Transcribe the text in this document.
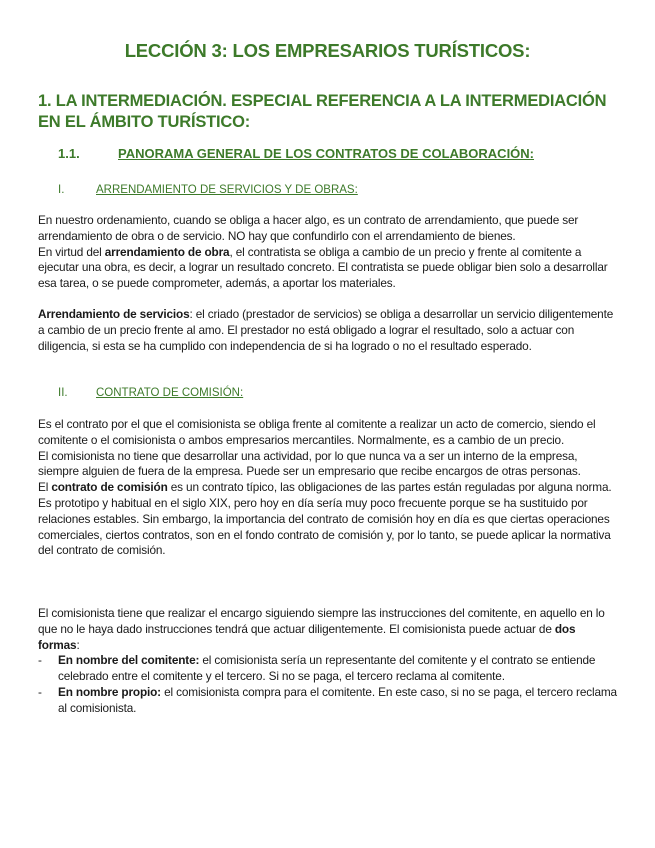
LECCIÓN 3: LOS EMPRESARIOS TURÍSTICOS:
1. LA INTERMEDIACIÓN. ESPECIAL REFERENCIA A LA INTERMEDIACIÓN EN EL ÁMBITO TURÍSTICO:
1.1.	PANORAMA GENERAL DE LOS CONTRATOS DE COLABORACIÓN:
I.	ARRENDAMIENTO DE SERVICIOS Y DE OBRAS:

En nuestro ordenamiento, cuando se obliga a hacer algo, es un contrato de arrendamiento, que puede ser arrendamiento de obra o de servicio. NO hay que confundirlo con el arrendamiento de bienes.

En virtud del arrendamiento de obra, el contratista se obliga a cambio de un precio y frente al comitente a ejecutar una obra, es decir, a lograr un resultado concreto. El contratista se puede obligar bien solo a desarrollar esa tarea, o se puede comprometer, además, a aportar los materiales.

Arrendamiento de servicios: el criado (prestador de servicios) se obliga a desarrollar un servicio diligentemente a cambio de un precio frente al amo. El prestador no está obligado a lograr el resultado, solo a actuar con diligencia, si esta se ha cumplido con independencia de si ha logrado o no el resultado esperado.

II. CONTRATO DE COMISIÓN:

Es el contrato por el que el comisionista se obliga frente al comitente a realizar un acto de comercio, siendo el comitente o el comisionista o ambos empresarios mercantiles. Normalmente, es a cambio de un precio.

El comisionista no tiene que desarrollar una actividad, por lo que nunca va a ser un interno de la empresa, siempre alguien de fuera de la empresa. Puede ser un empresario que recibe encargos de otras personas.

El contrato de comisión es un contrato típico, las obligaciones de las partes están reguladas por alguna norma. Es prototipo y habitual en el siglo XIX, pero hoy en día sería muy poco frecuente porque se ha sustituido por relaciones estables. Sin embargo, la importancia del contrato de comisión hoy en día es que ciertas operaciones comerciales, ciertos contratos, son en el fondo contrato de comisión y, por lo tanto, se puede aplicar la normativa del contrato de comisión.

El comisionista tiene que realizar el encargo siguiendo siempre las instrucciones del comitente, en aquello en lo que no le haya dado instrucciones tendrá que actuar diligentemente. El comisionista puede actuar de dos formas:

- En nombre del comitente: el comisionista sería un representante del comitente y el contrato se entiende celebrado entre el comitente y el tercero. Si no se paga, el tercero reclama al comitente.
- En nombre propio: el comisionista compra para el comitente. En este caso, si no se paga, el tercero reclama al comisionista.
